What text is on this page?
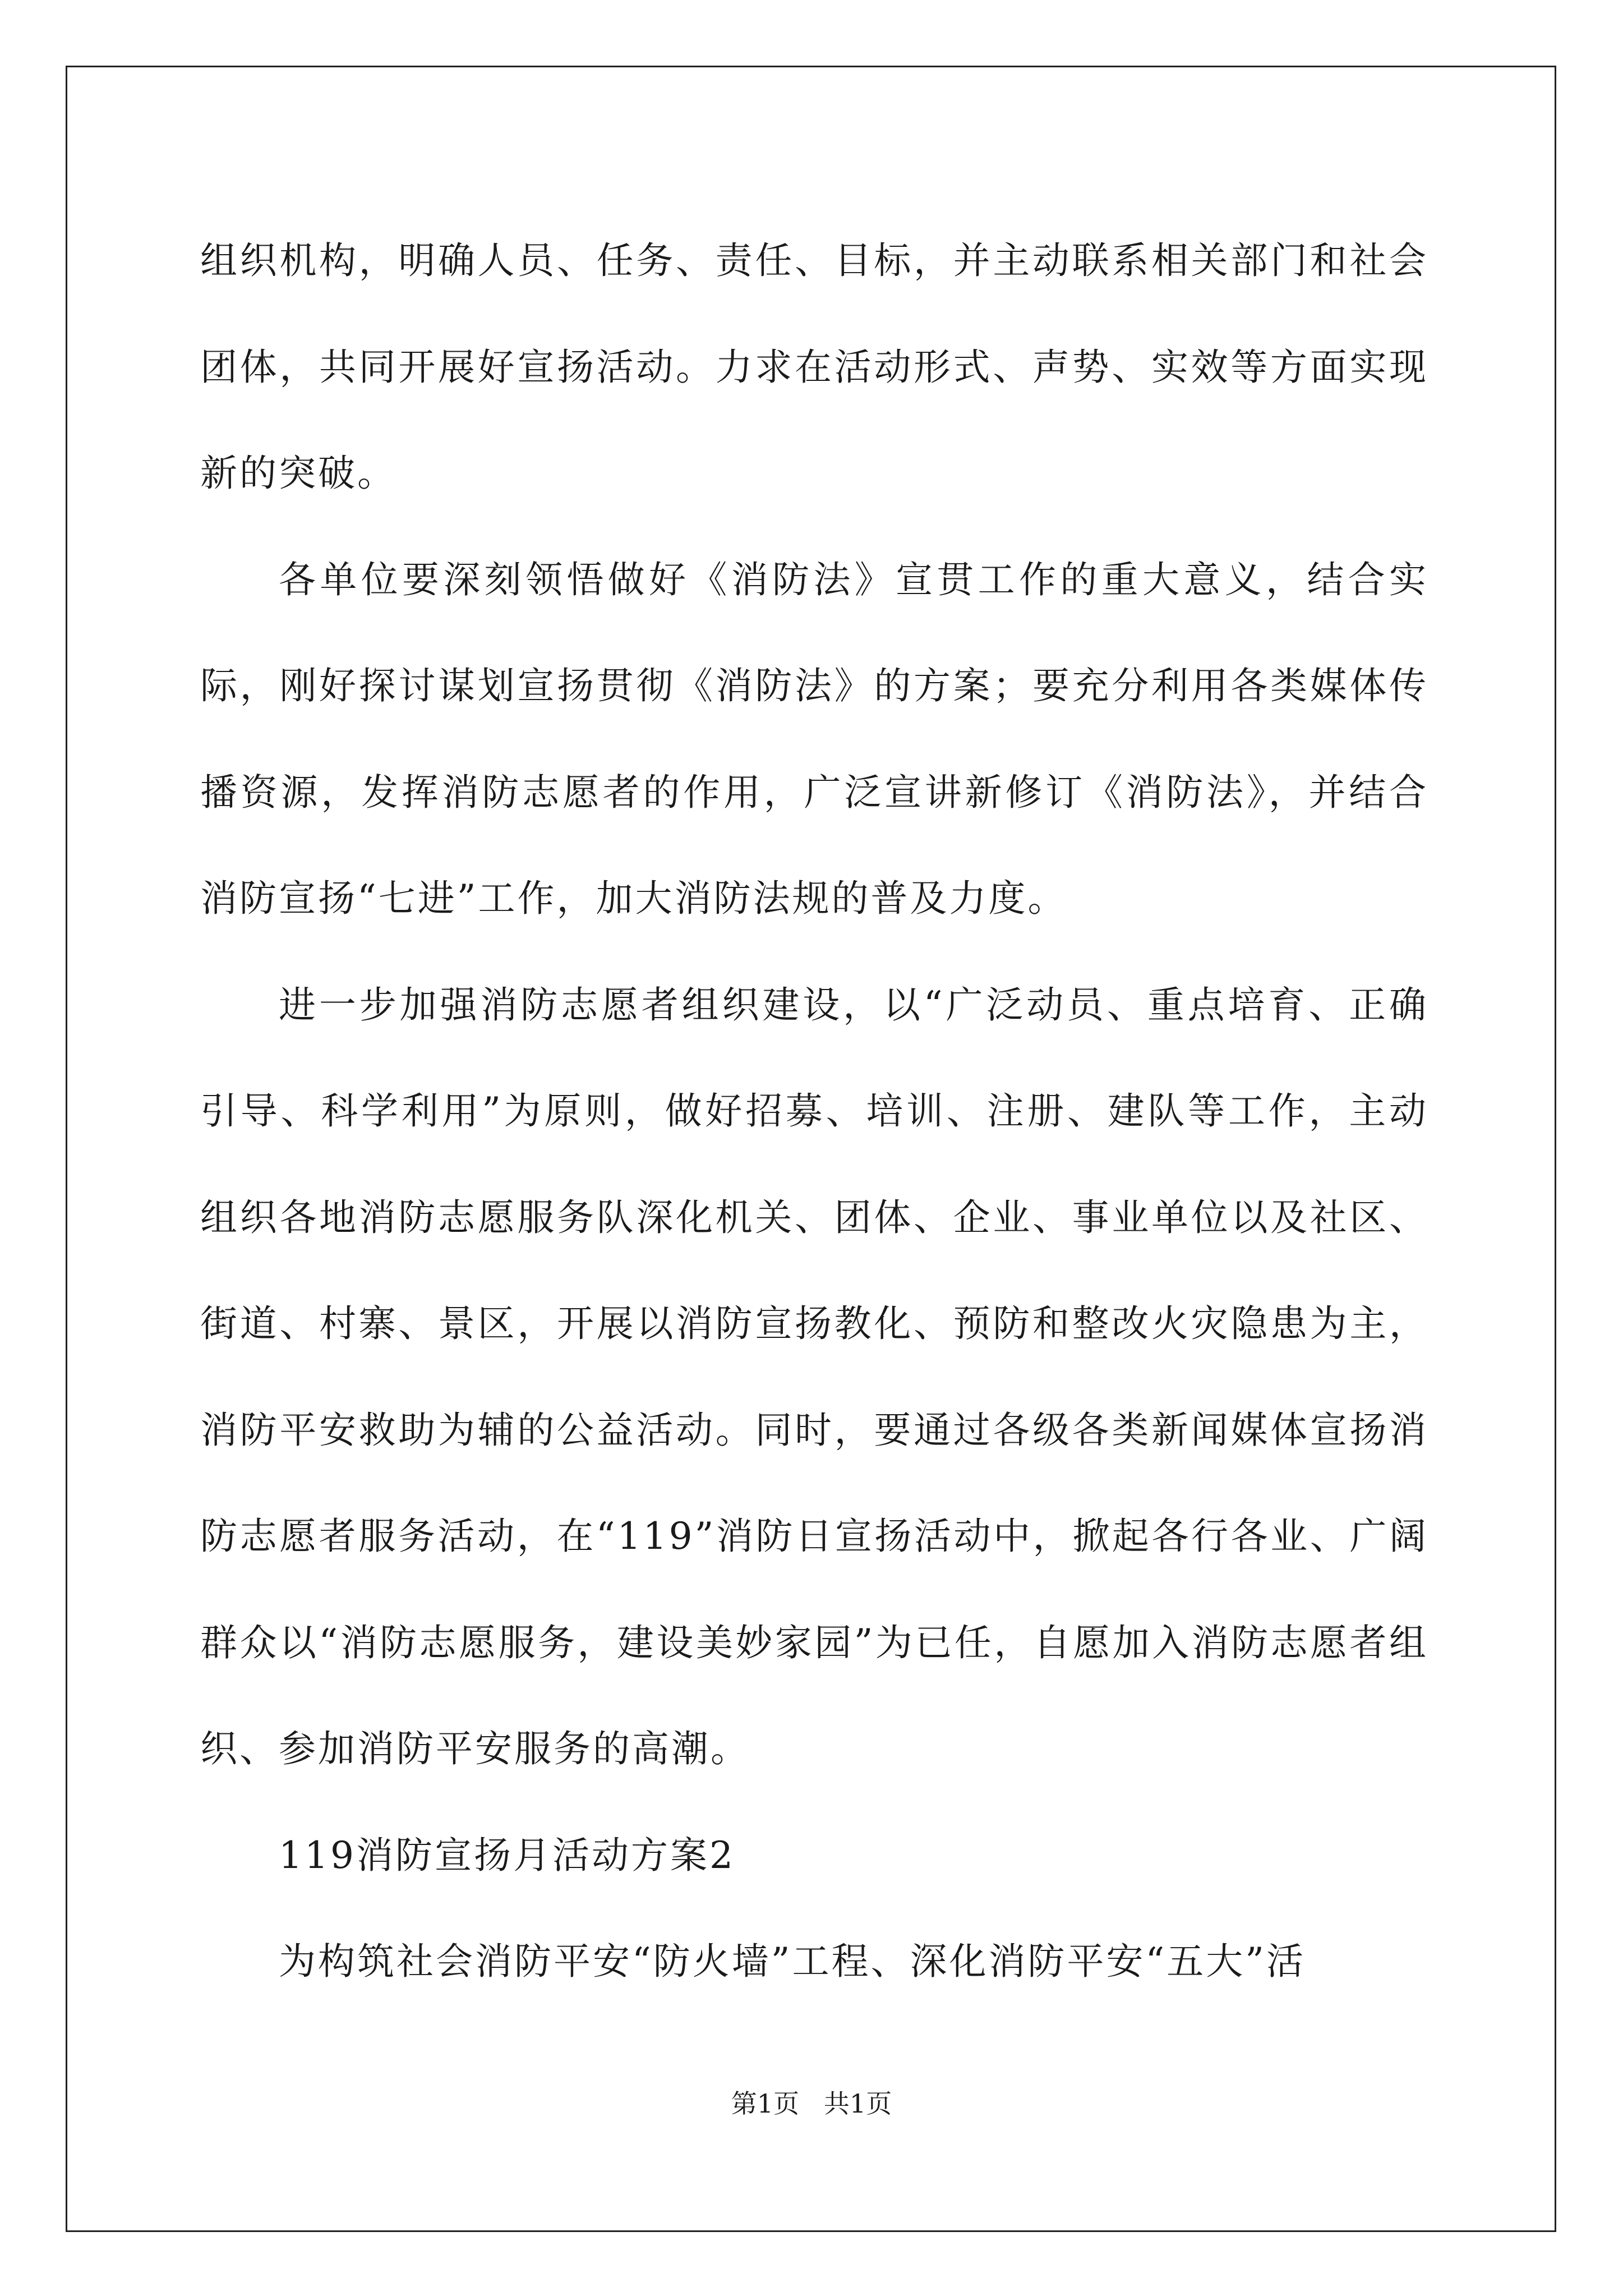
组织机构，明确人员、任务、责任、目标，并主动联系相关部门和社会团体，共同开展好宣扬活动。力求在活动形式、声势、实效等方面实现新的突破。

各单位要深刻领悟做好《消防法》宣贯工作的重大意义，结合实际，刚好探讨谋划宣扬贯彻《消防法》的方案；要充分利用各类媒体传播资源，发挥消防志愿者的作用，广泛宣讲新修订《消防法》，并结合消防宣扬“七进”工作，加大消防法规的普及力度。

进一步加强消防志愿者组织建设，以“广泛动员、重点培育、正确引导、科学利用”为原则，做好招募、培训、注册、建队等工作，主动组织各地消防志愿服务队深化机关、团体、企业、事业单位以及社区、街道、村寨、景区，开展以消防宣扬教化、预防和整改火灾隐患为主，消防平安救助为辅的公益活动。同时，要通过各级各类新闻媒体宣扬消防志愿者服务活动，在“119”消防日宣扬活动中，掀起各行各业、广阔群众以“消防志愿服务，建设美妙家园”为已任，自愿加入消防志愿者组织、参加消防平安服务的高潮。

119消防宣扬月活动方案2

为构筑社会消防平安“防火墙”工程、深化消防平安“五大”活

第1页   共1页
